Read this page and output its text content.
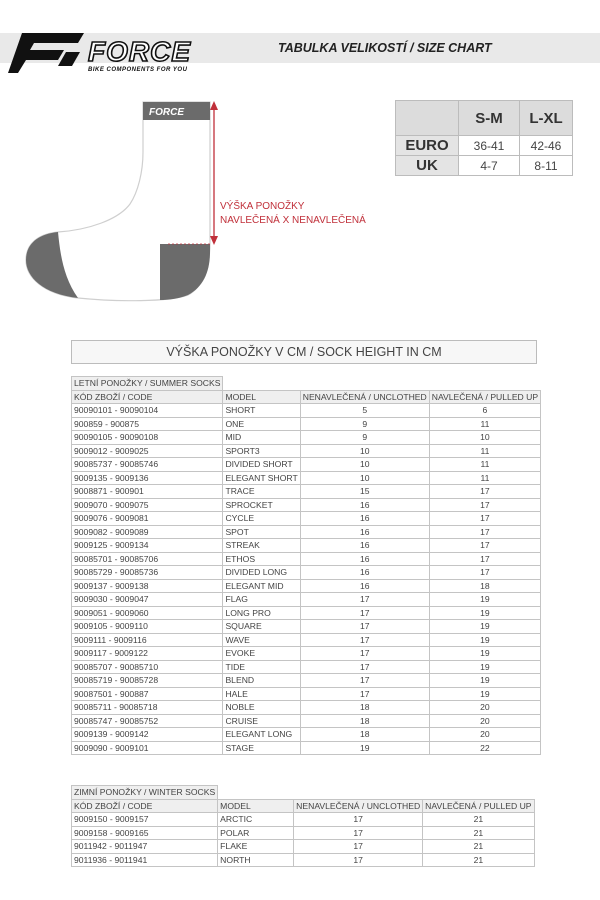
FORCE
BIKE COMPONENTS FOR YOU
TABULKA VELIKOSTÍ / SIZE CHART
FORCE
VÝŠKA PONOŽKY
NAVLEČENÁ X NENAVLEČENÁ
	S-M	L-XL
EURO	36-41	42-46
UK	4-7	8-11
VÝŠKA PONOŽKY V CM / SOCK HEIGHT IN CM
LETNÍ PONOŽKY / SUMMER SOCKS			
KÓD ZBOŽÍ / CODE	MODEL	NENAVLEČENÁ / UNCLOTHED	NAVLEČENÁ / PULLED UP
90090101 - 90090104	SHORT	5	6
900859 - 900875	ONE	9	11
90090105 - 90090108	MID	9	10
9009012 - 9009025	SPORT3	10	11
90085737 - 90085746	DIVIDED SHORT	10	11
9009135 - 9009136	ELEGANT SHORT	10	11
9008871 - 900901	TRACE	15	17
9009070 - 9009075	SPROCKET	16	17
9009076 - 9009081	CYCLE	16	17
9009082 - 9009089	SPOT	16	17
9009125 - 9009134	STREAK	16	17
90085701 - 90085706	ETHOS	16	17
90085729 - 90085736	DIVIDED LONG	16	17
9009137 - 9009138	ELEGANT MID	16	18
9009030 - 9009047	FLAG	17	19
9009051 - 9009060	LONG PRO	17	19
9009105 - 9009110	SQUARE	17	19
9009111 - 9009116	WAVE	17	19
9009117 - 9009122	EVOKE	17	19
90085707 - 90085710	TIDE	17	19
90085719 - 90085728	BLEND	17	19
90087501 - 900887	HALE	17	19
90085711 - 90085718	NOBLE	18	20
90085747 - 90085752	CRUISE	18	20
9009139 - 9009142	ELEGANT LONG	18	20
9009090 - 9009101	STAGE	19	22
ZIMNÍ PONOŽKY / WINTER SOCKS			
KÓD ZBOŽÍ / CODE	MODEL	NENAVLEČENÁ / UNCLOTHED	NAVLEČENÁ / PULLED UP
9009150 - 9009157	ARCTIC	17	21
9009158 - 9009165	POLAR	17	21
9011942 - 9011947	FLAKE	17	21
9011936 - 9011941	NORTH	17	21
